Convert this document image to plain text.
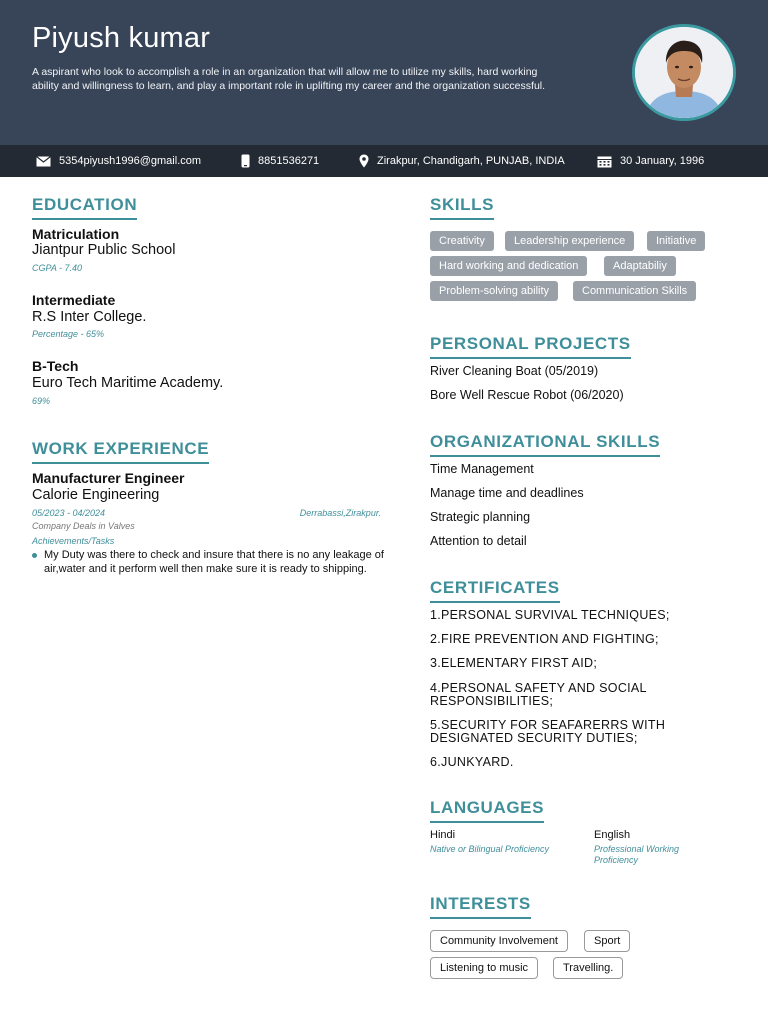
Piyush kumar
A aspirant who look to accomplish a role in an organization that will allow me to utilize my skills, hard working ability and willingness to learn, and play a important role in uplifting my career and the organization successful.
5354piyush1996@gmail.com	8851536271	Zirakpur, Chandigarh, PUNJAB, INDIA	30 January, 1996
EDUCATION
Matriculation
Jiantpur Public School
CGPA - 7.40
Intermediate
R.S Inter College.
Percentage - 65%
B-Tech
Euro Tech Maritime Academy.
69%
WORK EXPERIENCE
Manufacturer Engineer
Calorie Engineering
05/2023 - 04/2024	Derrabassi,Zirakpur.
Company Deals in Valves
Achievements/Tasks
My Duty was there to check and insure that there is no any leakage of air,water and it perform well then make sure it is ready to shipping.
SKILLS
Creativity	Leadership experience	Initiative
Hard working and dedication	Adaptabiliy
Problem-solving ability	Communication Skills
PERSONAL PROJECTS
River Cleaning Boat (05/2019)
Bore Well Rescue Robot (06/2020)
ORGANIZATIONAL SKILLS
Time Management
Manage time and deadlines
Strategic planning
Attention to detail
CERTIFICATES
1.PERSONAL SURVIVAL TECHNIQUES;
2.FIRE PREVENTION AND FIGHTING;
3.ELEMENTARY FIRST AID;
4.PERSONAL SAFETY AND SOCIAL RESPONSIBILITIES;
5.SECURITY FOR SEAFARERRS WITH DESIGNATED SECURITY DUTIES;
6.JUNKYARD.
LANGUAGES
Hindi
Native or Bilingual Proficiency
English
Professional Working Proficiency
INTERESTS
Community Involvement	Sport
Listening to music	Travelling.
